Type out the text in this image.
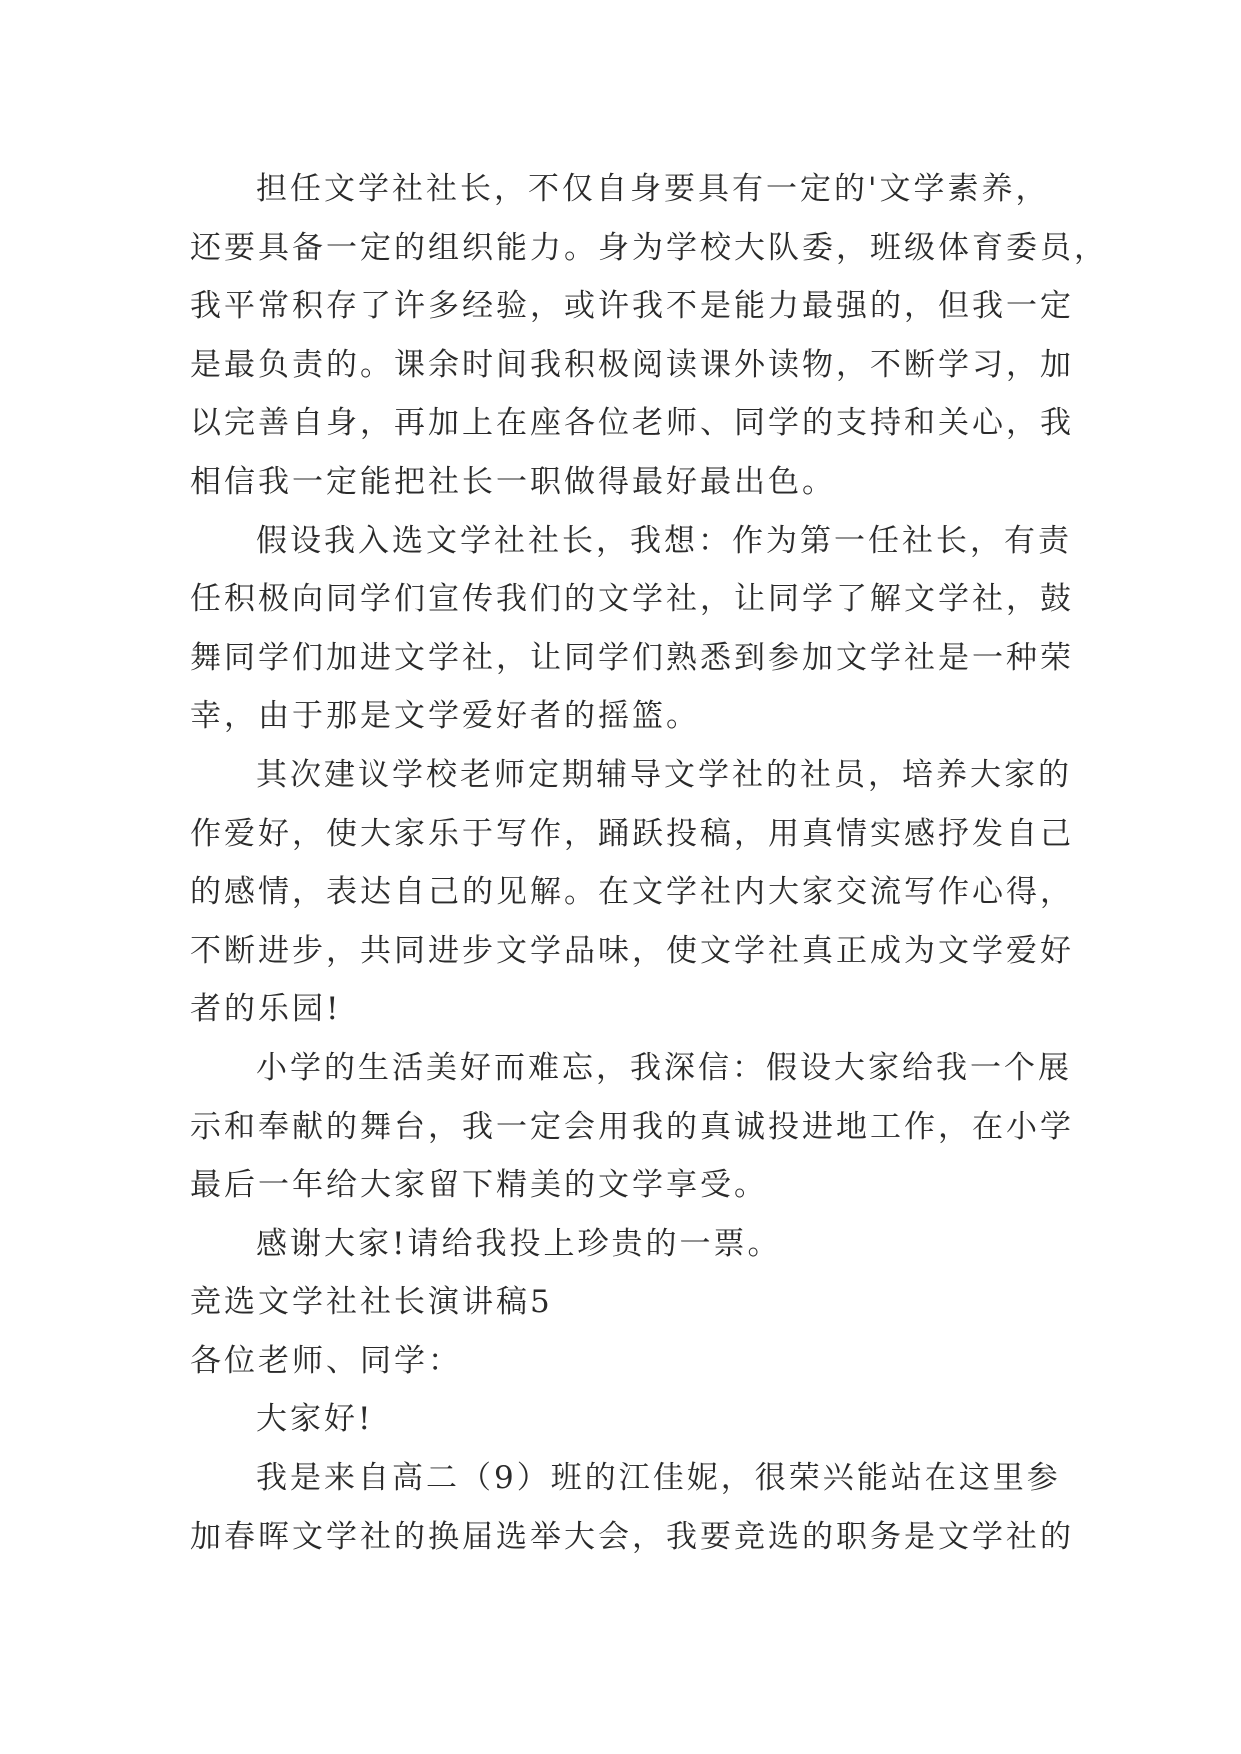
担任文学社社长，不仅自身要具有一定的'文学素养，
还要具备一定的组织能力。身为学校大队委，班级体育委员，
我平常积存了许多经验，或许我不是能力最强的，但我一定
是最负责的。课余时间我积极阅读课外读物，不断学习，加
以完善自身，再加上在座各位老师、同学的支持和关心，我
相信我一定能把社长一职做得最好最出色。
假设我入选文学社社长，我想：作为第一任社长，有责
任积极向同学们宣传我们的文学社，让同学了解文学社，鼓
舞同学们加进文学社，让同学们熟悉到参加文学社是一种荣
幸，由于那是文学爱好者的摇篮。
其次建议学校老师定期辅导文学社的社员，培养大家的
作爱好，使大家乐于写作，踊跃投稿，用真情实感抒发自己
的感情，表达自己的见解。在文学社内大家交流写作心得，
不断进步，共同进步文学品味，使文学社真正成为文学爱好
者的乐园!
小学的生活美好而难忘，我深信：假设大家给我一个展
示和奉献的舞台，我一定会用我的真诚投进地工作，在小学
最后一年给大家留下精美的文学享受。
感谢大家!请给我投上珍贵的一票。
竞选文学社社长演讲稿5
各位老师、同学：
大家好!
我是来自高二（9）班的江佳妮，很荣兴能站在这里参
加春晖文学社的换届选举大会，我要竞选的职务是文学社的
